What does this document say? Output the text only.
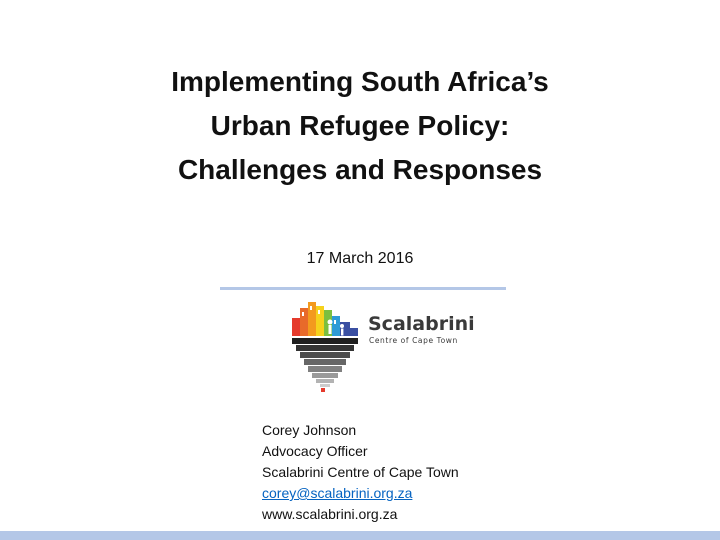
Implementing South Africa’s
Urban Refugee Policy:
Challenges and Responses
17 March 2016
Scalabrini
Centre of Cape Town
Corey Johnson
Advocacy Officer
Scalabrini Centre of Cape Town
corey@scalabrini.org.za
www.scalabrini.org.za
